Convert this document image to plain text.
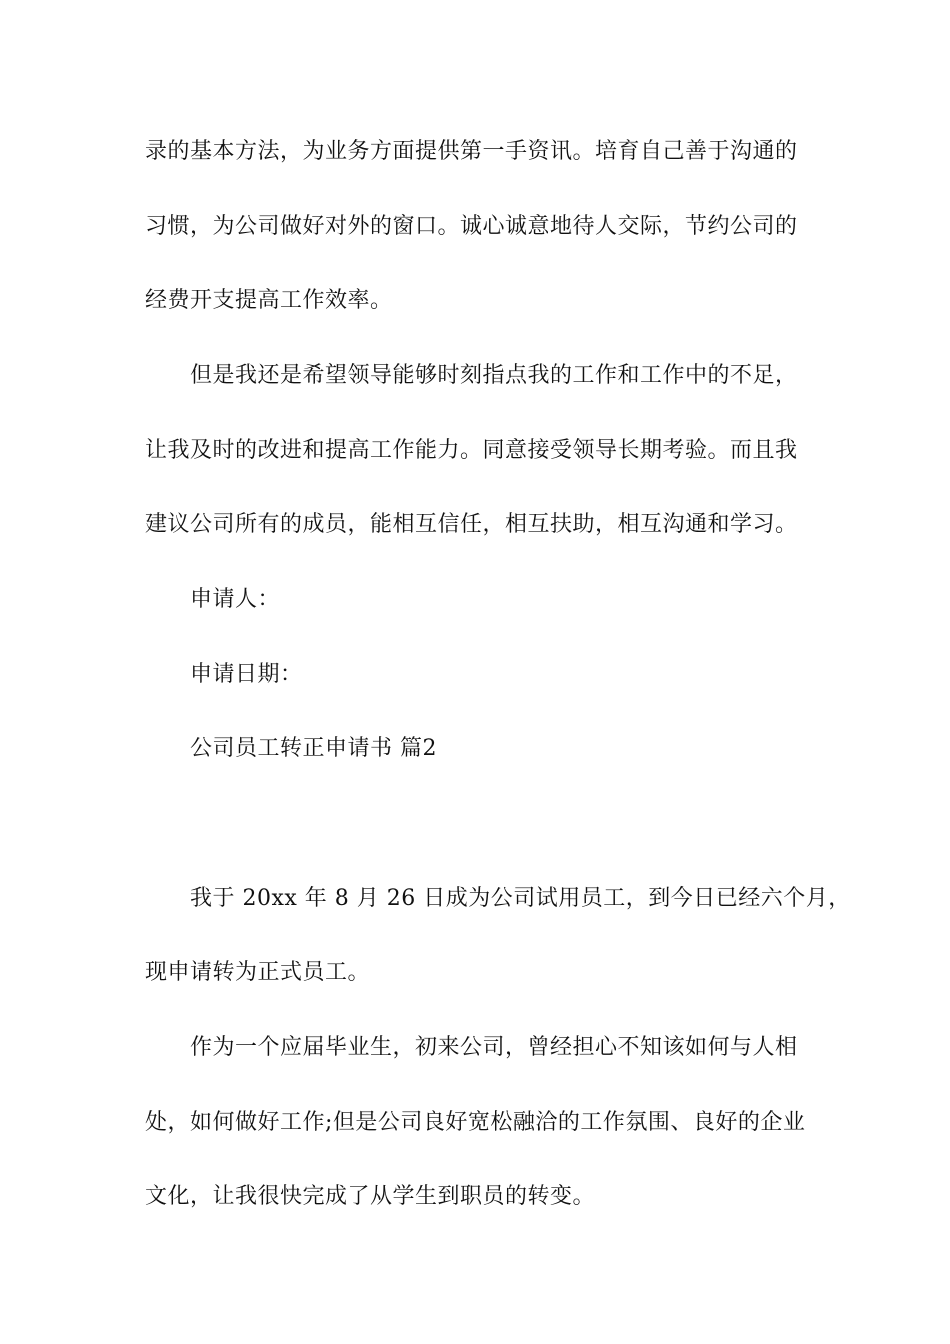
录的基本方法，为业务方面提供第一手资讯。培育自己善于沟通的
习惯，为公司做好对外的窗口。诚心诚意地待人交际，节约公司的
经费开支提高工作效率。
但是我还是希望领导能够时刻指点我的工作和工作中的不足，
让我及时的改进和提高工作能力。同意接受领导长期考验。而且我
建议公司所有的成员，能相互信任，相互扶助，相互沟通和学习。
申请人：
申请日期：
公司员工转正申请书 篇2
我于 20xx 年 8 月 26 日成为公司试用员工，到今日已经六个月，
现申请转为正式员工。
作为一个应届毕业生，初来公司，曾经担心不知该如何与人相
处，如何做好工作;但是公司良好宽松融洽的工作氛围、良好的企业
文化，让我很快完成了从学生到职员的转变。
